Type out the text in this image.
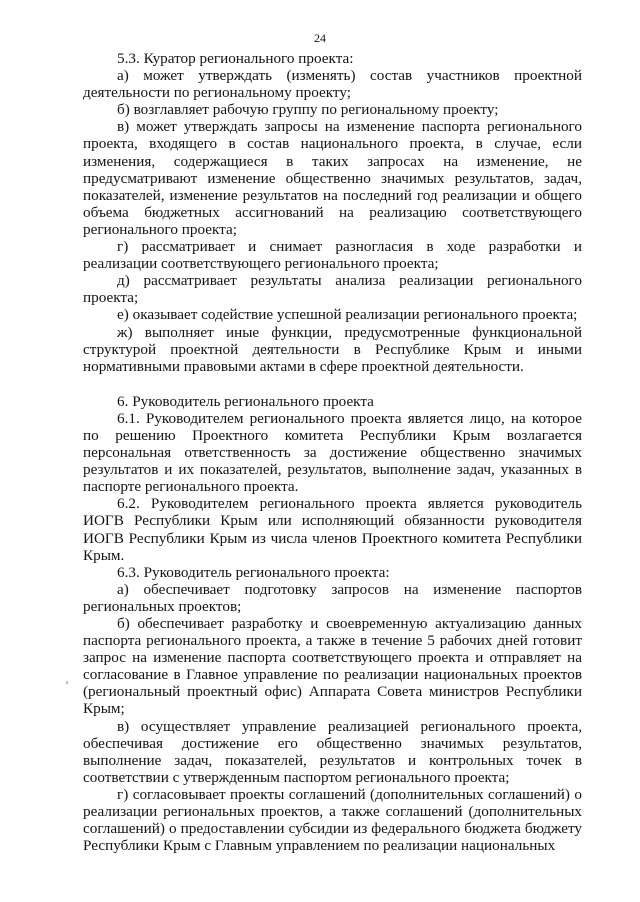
24
'

5.3. Куратор регионального проекта:

а) может утверждать (изменять) состав участников проектной деятельности по региональному проекту;

б) возглавляет рабочую группу по региональному проекту;

в) может утверждать запросы на изменение паспорта регионального проекта, входящего в состав национального проекта, в случае, если изменения, содержащиеся в таких запросах на изменение, не предусматривают изменение общественно значимых результатов, задач, показателей, изменение результатов на последний год реализации и общего объема бюджетных ассигнований на реализацию соответствующего регионального проекта;

г) рассматривает и снимает разногласия в ходе разработки и реализации соответствующего регионального проекта;

д) рассматривает результаты анализа реализации регионального проекта;

е) оказывает содействие успешной реализации регионального проекта;

ж) выполняет иные функции, предусмотренные функциональной структурой проектной деятельности в Республике Крым и иными нормативными правовыми актами в сфере проектной деятельности.

6. Руководитель регионального проекта

6.1. Руководителем регионального проекта является лицо, на которое по решению Проектного комитета Республики Крым возлагается персональная ответственность за достижение общественно значимых результатов и их показателей, результатов, выполнение задач, указанных в паспорте регионального проекта.

6.2. Руководителем регионального проекта является руководитель ИОГВ Республики Крым или исполняющий обязанности руководителя ИОГВ Республики Крым из числа членов Проектного комитета Республики Крым.

6.3. Руководитель регионального проекта:

а) обеспечивает подготовку запросов на изменение паспортов региональных проектов;

б) обеспечивает разработку и своевременную актуализацию данных паспорта регионального проекта, а также в течение 5 рабочих дней готовит запрос на изменение паспорта соответствующего проекта и отправляет на согласование в Главное управление по реализации национальных проектов (региональный проектный офис) Аппарата Совета министров Республики Крым;

в) осуществляет управление реализацией регионального проекта, обеспечивая достижение его общественно значимых результатов, выполнение задач, показателей, результатов и контрольных точек в соответствии с утвержденным паспортом регионального проекта;

г) согласовывает проекты соглашений (дополнительных соглашений) о реализации региональных проектов, а также соглашений (дополнительных соглашений) о предоставлении субсидии из федерального бюджета бюджету Республики Крым с Главным управлением по реализации национальных
